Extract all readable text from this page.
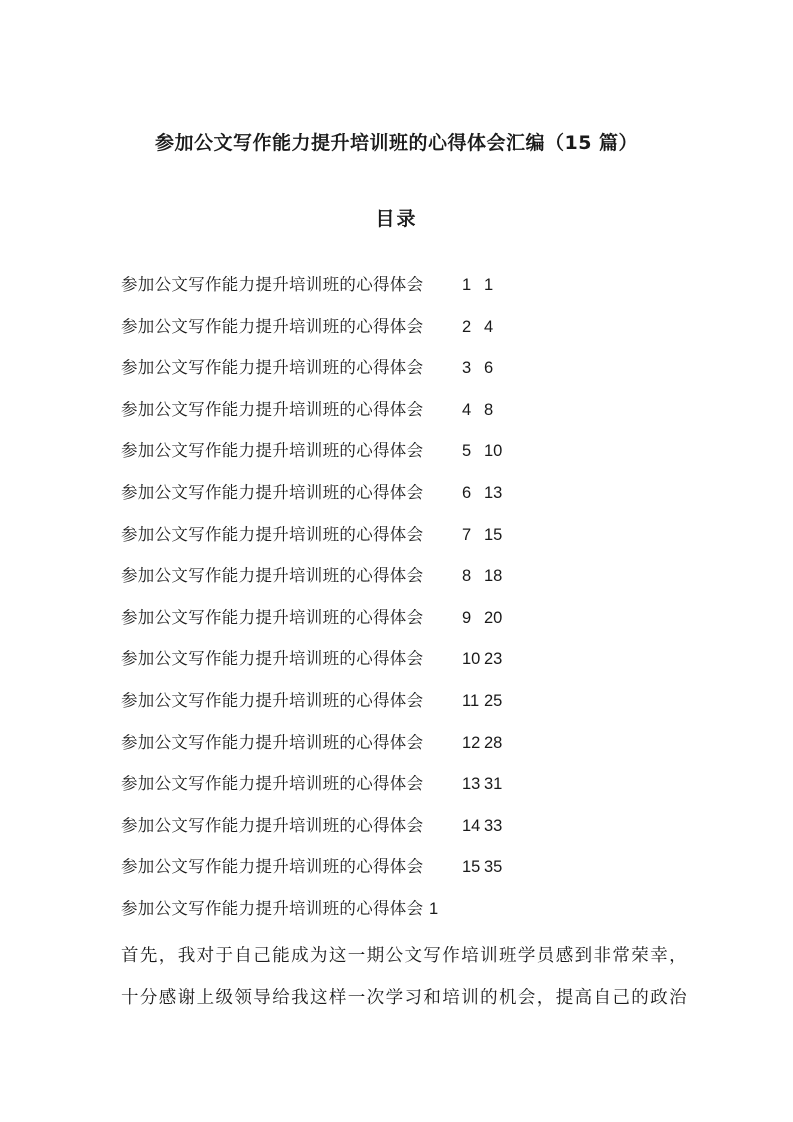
参加公文写作能力提升培训班的心得体会汇编（15 篇）
目录
参加公文写作能力提升培训班的心得体会 1 1
参加公文写作能力提升培训班的心得体会 2 4
参加公文写作能力提升培训班的心得体会 3 6
参加公文写作能力提升培训班的心得体会 4 8
参加公文写作能力提升培训班的心得体会 5 10
参加公文写作能力提升培训班的心得体会 6 13
参加公文写作能力提升培训班的心得体会 7 15
参加公文写作能力提升培训班的心得体会 8 18
参加公文写作能力提升培训班的心得体会 9 20
参加公文写作能力提升培训班的心得体会 10 23
参加公文写作能力提升培训班的心得体会 11 25
参加公文写作能力提升培训班的心得体会 12 28
参加公文写作能力提升培训班的心得体会 13 31
参加公文写作能力提升培训班的心得体会 14 33
参加公文写作能力提升培训班的心得体会 15 35
参加公文写作能力提升培训班的心得体会 1

首先，我对于自己能成为这一期公文写作培训班学员感到非常荣幸，
十分感谢上级领导给我这样一次学习和培训的机会，提高自己的政治
